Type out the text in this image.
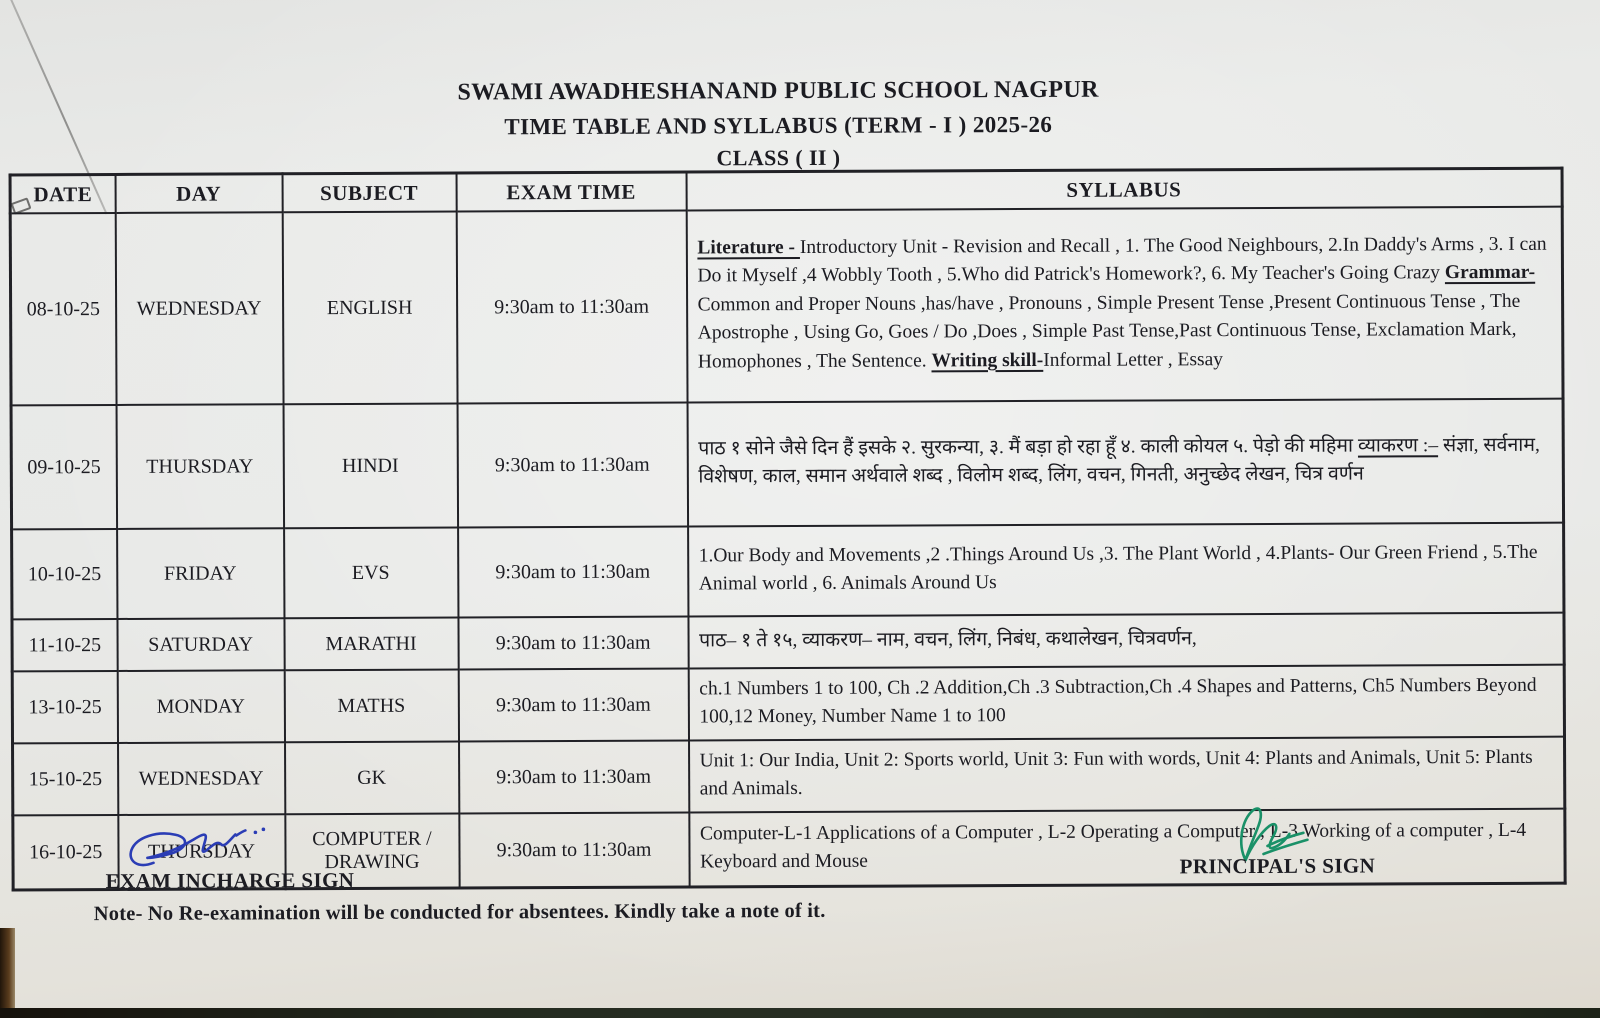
SWAMI AWADHESHANAND PUBLIC SCHOOL NAGPUR
TIME TABLE AND SYLLABUS (TERM - I ) 2025-26
CLASS ( II )
DATE	DAY	SUBJECT	EXAM TIME	SYLLABUS
08-10-25	WEDNESDAY	ENGLISH	9:30am to 11:30am	Literature - Introductory Unit - Revision and Recall , 1. The Good Neighbours, 2.In Daddy's Arms , 3. I can Do it Myself ,4 Wobbly Tooth , 5.Who did Patrick's Homework?, 6. My Teacher's Going Crazy Grammar-Common and Proper Nouns ,has/have , Pronouns , Simple Present Tense ,Present Continuous Tense , The Apostrophe , Using Go, Goes / Do ,Does , Simple Past Tense,Past Continuous Tense, Exclamation Mark, Homophones , The Sentence. Writing skill-Informal Letter , Essay
09-10-25	THURSDAY	HINDI	9:30am to 11:30am	पाठ १ सोने जैसे दिन हैं इसके २. सुरकन्या, ३. मैं बड़ा हो रहा हूँ ४. काली कोयल ५. पेड़ो की महिमा व्याकरण :– संज्ञा, सर्वनाम, विशेषण, काल, समान अर्थवाले शब्द , विलोम शब्द, लिंग, वचन, गिनती, अनुच्छेद लेखन, चित्र वर्णन
10-10-25	FRIDAY	EVS	9:30am to 11:30am	1.Our Body and Movements ,2 .Things Around Us ,3. The Plant World , 4.Plants- Our Green Friend , 5.The Animal world , 6. Animals Around Us
11-10-25	SATURDAY	MARATHI	9:30am to 11:30am	पाठ– १ ते १५, व्याकरण– नाम, वचन, लिंग, निबंध, कथालेखन, चित्रवर्णन,
13-10-25	MONDAY	MATHS	9:30am to 11:30am	ch.1 Numbers 1 to 100, Ch .2 Addition,Ch .3 Subtraction,Ch .4 Shapes and Patterns, Ch5 Numbers Beyond 100,12 Money, Number Name 1 to 100
15-10-25	WEDNESDAY	GK	9:30am to 11:30am	Unit 1: Our India, Unit 2: Sports world, Unit 3: Fun with words, Unit 4: Plants and Animals, Unit 5: Plants and Animals.
16-10-25	THURSDAY	COMPUTER / DRAWING	9:30am to 11:30am	Computer-L-1 Applications of a Computer , L-2 Operating a Computer , L-3 Working of a computer , L-4 Keyboard and Mouse
EXAM INCHARGE SIGN
PRINCIPAL'S SIGN
Note- No Re-examination will be conducted for absentees. Kindly take a note of it.
